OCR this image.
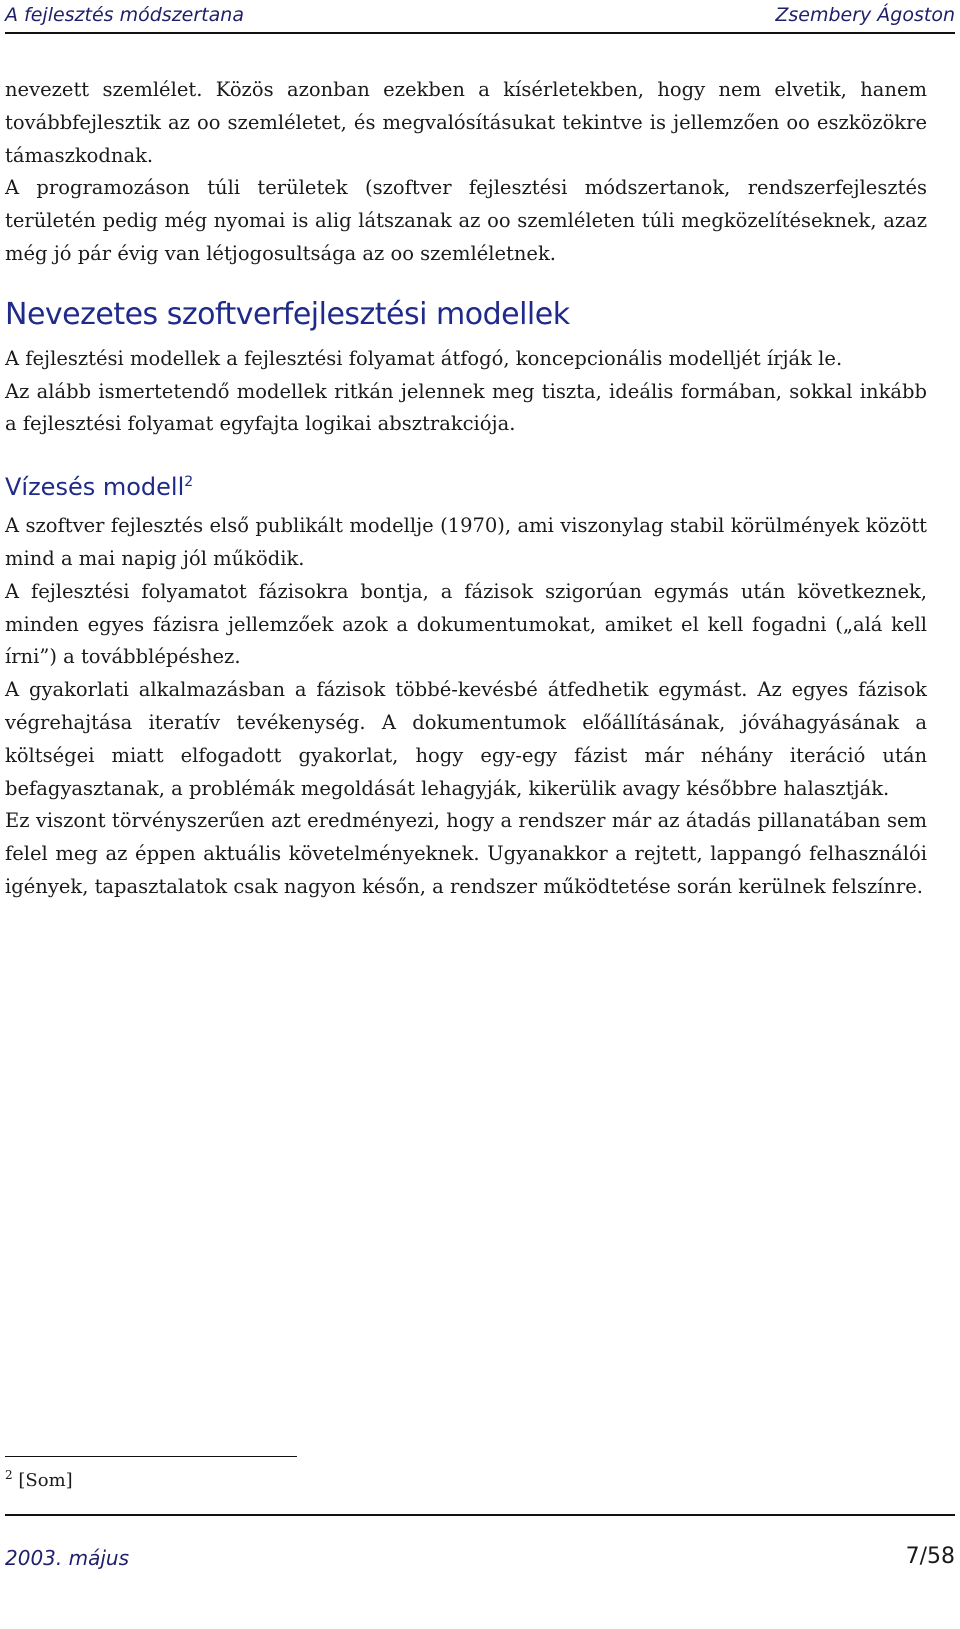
A fejlesztés módszertana	Zsembery Ágoston

nevezett szemlélet. Közös azonban ezekben a kísérletekben, hogy nem elvetik, hanem továbbfejlesztik az oo szemléletet, és megvalósításukat tekintve is jellemzően oo eszközökre támaszkodnak.

A programozáson túli területek (szoftver fejlesztési módszertanok, rendszerfejlesztés területén pedig még nyomai is alig látszanak az oo szemléleten túli megközelítéseknek, azaz még jó pár évig van létjogosultsága az oo szemléletnek.

Nevezetes szoftverfejlesztési modellek

A fejlesztési modellek a fejlesztési folyamat átfogó, koncepcionális modelljét írják le.

Az alább ismertetendő modellek ritkán jelennek meg tiszta, ideális formában, sokkal inkább a fejlesztési folyamat egyfajta logikai absztrakciója.

Vízesés modell$^2$

A szoftver fejlesztés első publikált modellje (1970), ami viszonylag stabil körülmények között mind a mai napig jól működik.

A fejlesztési folyamatot fázisokra bontja, a fázisok szigorúan egymás után következnek, minden egyes fázisra jellemzőek azok a dokumentumokat, amiket el kell fogadni („alá kell írni”) a továbblépéshez.

A gyakorlati alkalmazásban a fázisok többé-kevésbé átfedhetik egymást. Az egyes fázisok végrehajtása iteratív tevékenység. A dokumentumok előállításának, jóváhagyásának a költségei miatt elfogadott gyakorlat, hogy egy-egy fázist már néhány iteráció után befagyasztanak, a problémák megoldását lehagyják, kikerülik avagy későbbre halasztják.

Ez viszont törvényszerűen azt eredményezi, hogy a rendszer már az átadás pillanatában sem felel meg az éppen aktuális követelményeknek. Ugyanakkor a rejtett, lappangó felhasználói igények, tapasztalatok csak nagyon későn, a rendszer működtetése során kerülnek felszínre.

$^2$ [Som]
2003. május	7/58
